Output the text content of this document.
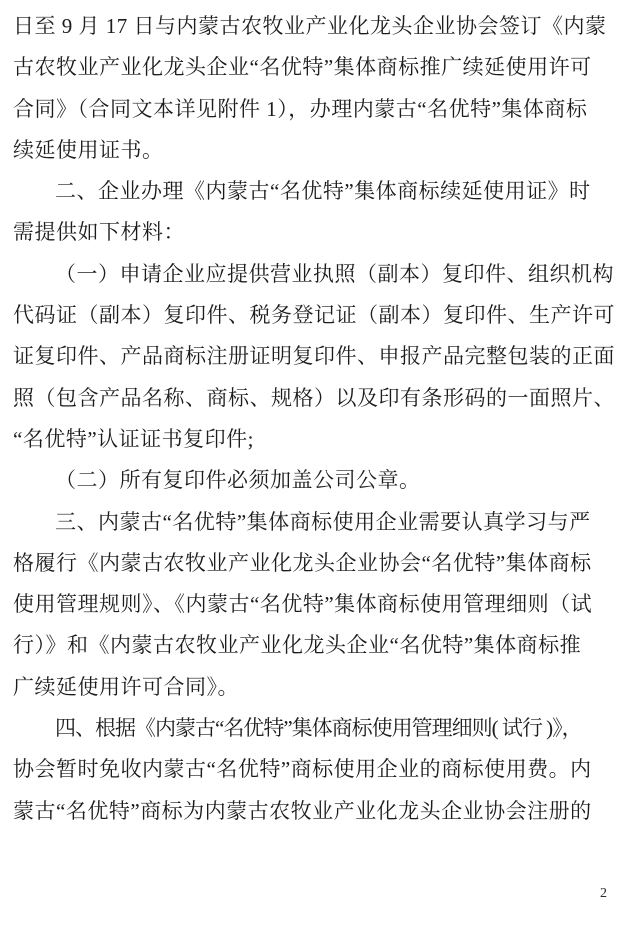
日至 9 月 17 日与内蒙古农牧业产业化龙头企业协会签订《内蒙
古农牧业产业化龙头企业“名优特”集体商标推广续延使用许可
合同》（合同文本详见附件 1），办理内蒙古“名优特”集体商标
续延使用证书。
二、企业办理《内蒙古“名优特”集体商标续延使用证》时
需提供如下材料：
（一）申请企业应提供营业执照（副本）复印件、组织机构
代码证（副本）复印件、税务登记证（副本）复印件、生产许可
证复印件、产品商标注册证明复印件、申报产品完整包装的正面
照（包含产品名称、商标、规格）以及印有条形码的一面照片、
“名优特”认证证书复印件;
（二）所有复印件必须加盖公司公章。
三、内蒙古“名优特”集体商标使用企业需要认真学习与严
格履行《内蒙古农牧业产业化龙头企业协会“名优特”集体商标
使用管理规则》、《内蒙古“名优特”集体商标使用管理细则（试
行）》和《内蒙古农牧业产业化龙头企业“名优特”集体商标推
广续延使用许可合同》。
四、根据《内蒙古“名优特”集体商标使用管理细则( 试行 )》，
协会暂时免收内蒙古“名优特”商标使用企业的商标使用费。内
蒙古“名优特”商标为内蒙古农牧业产业化龙头企业协会注册的
2
